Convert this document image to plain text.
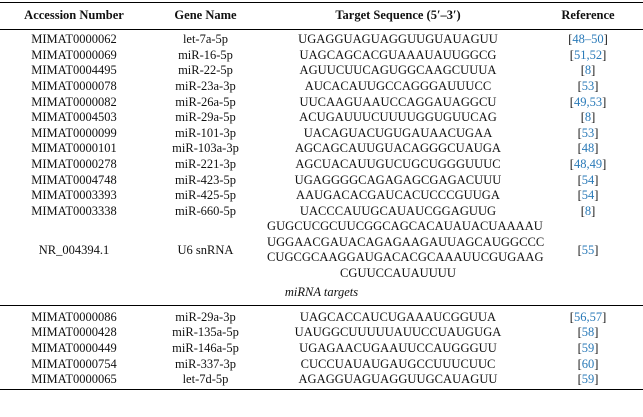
Accession Number	Gene Name	Target Sequence (5′–3′)	Reference
MIMAT0000062	let-7a-5p	UGAGGUAGUAGGUUGUAUAGUU	[48–50]
MIMAT0000069	miR-16-5p	UAGCAGCACGUAAAUAUUGGCG	[51,52]
MIMAT0004495	miR-22-5p	AGUUCUUCAGUGGCAAGCUUUA	[8]
MIMAT0000078	miR-23a-3p	AUCACAUUGCCAGGGAUUUCC	[53]
MIMAT0000082	miR-26a-5p	UUCAAGUAAUCCAGGAUAGGCU	[49,53]
MIMAT0004503	miR-29a-5p	ACUGAUUUCUUUUGGUGUUCAG	[8]
MIMAT0000099	miR-101-3p	UACAGUACUGUGAUAACUGAA	[53]
MIMAT0000101	miR-103a-3p	AGCAGCAUUGUACAGGGCUAUGA	[48]
MIMAT0000278	miR-221-3p	AGCUACAUUGUCUGCUGGGUUUC	[48,49]
MIMAT0004748	miR-423-5p	UGAGGGGCAGAGAGCGAGACUUU	[54]
MIMAT0003393	miR-425-5p	AAUGACACGAUCACUCCCGUUGA	[54]
MIMAT0003338	miR-660-5p	UACCCAUUGCAUAUCGGAGUUG	[8]
NR_004394.1	U6 snRNA	GUGCUCGCUUCGGCAGCACAUAUACUAAAAU
UGGAACGAUACAGAGAAGAUUAGCAUGGCCC
CUGCGCAAGGAUGACACGCAAAUUCGUGAAG
CGUUCCAUAUUUU	[55]
miRNA targets			

MIMAT0000086	miR-29a-3p	UAGCACCAUCUGAAAUCGGUUA	[56,57]
MIMAT0000428	miR-135a-5p	UAUGGCUUUUUAUUCCUAUGUGA	[58]
MIMAT0000449	miR-146a-5p	UGAGAACUGAAUUCCAUGGGUU	[59]
MIMAT0000754	miR-337-3p	CUCCUAUAUGAUGCCUUUCUUC	[60]
MIMAT0000065	let-7d-5p	AGAGGUAGUAGGUUGCAUAGUU	[59]
